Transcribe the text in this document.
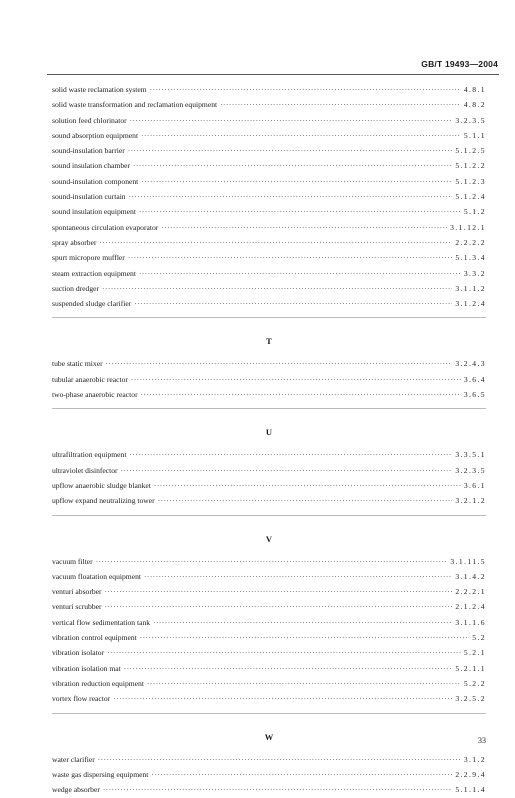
GB/T 19493—2004
solid waste reclamation system ·····	4.8.1
solid waste transformation and reclamation equipment ·····	4.8.2
solution feed chlorinator ·····	3.2.3.5
sound absorption equipment ·····	5.1.1
sound-insulation barrier ·····	5.1.2.5
sound insulation chamber ·····	5.1.2.2
sound-insulation component ·····	5.1.2.3
sound-insulation curtain ·····	5.1.2.4
sound insulation equipment ·····	5.1.2
spontaneous circulation evaporator ·····	3.1.12.1
spray absorber ·····	2.2.2.2
spurt micropore muffler ·····	5.1.3.4
steam extraction equipment ·····	3.3.2
suction dredger ·····	3.1.1.2
suspended sludge clarifier ·····	3.1.2.4
T
tube static mixer ·····	3.2.4.3
tubular anaerobic reactor ·····	3.6.4
two-phase anaerobic reactor ·····	3.6.5
U
ultrafiltration equipment ·····	3.3.5.1
ultraviolet disinfector ·····	3.2.3.5
upflow anaerobic sludge blanket ·····	3.6.1
upflow expand neutralizing tower ·····	3.2.1.2
V
vacuum filter ·····	3.1.11.5
vacuum floatation equipment ·····	3.1.4.2
venturi absorber ·····	2.2.2.1
venturi scrubber ·····	2.1.2.4
vertical flow sedimentation tank ·····	3.1.1.6
vibration control equipment ·····	5.2
vibration isolator ·····	5.2.1
vibration isolation mat ·····	5.2.1.1
vibration reduction equipment ·····	5.2.2
vortex flow reactor ·····	3.2.5.2
W
water clarifier ·····	3.1.2
waste gas dispersing equipment ·····	2.2.9.4
wedge absorber ·····	5.1.1.4
33
